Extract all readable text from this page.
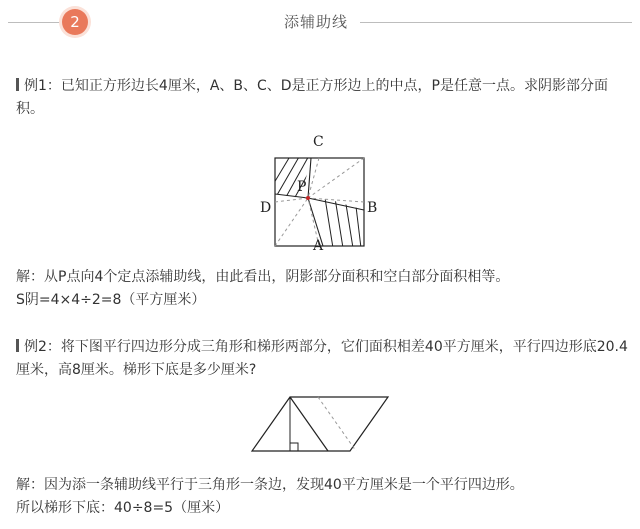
2	添辅助线
例1：已知正方形边长4厘米，A、B、C、D是正方形边上的中点，P是任意一点。求阴影部分面积。
C
D	B
A
P
解：从P点向4个定点添辅助线，由此看出，阴影部分面积和空白部分面积相等。
S阴=4×4÷2=8（平方厘米）
例2：将下图平行四边形分成三角形和梯形两部分，它们面积相差40平方厘米，平行四边形底20.4厘米，高8厘米。梯形下底是多少厘米?
解：因为添一条辅助线平行于三角形一条边，发现40平方厘米是一个平行四边形。
所以梯形下底：40÷8=5（厘米）
